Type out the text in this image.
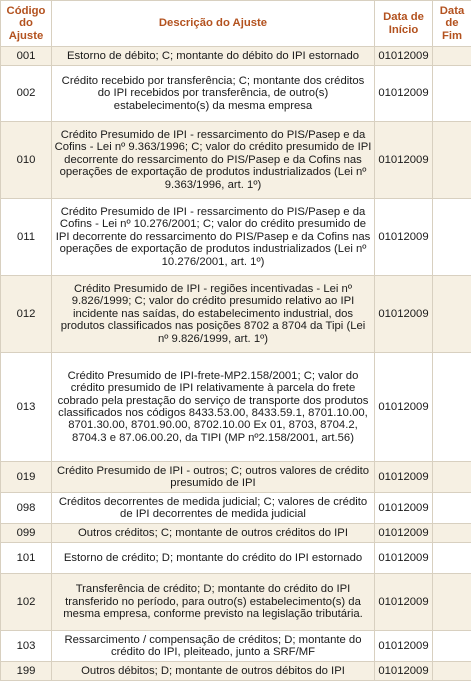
Código do Ajuste	Descrição do Ajuste	Data de Início	Data de Fim
001	Estorno de débito; C; montante do débito do IPI estornado	01012009	
002	Crédito recebido por transferência; C; montante dos créditos do IPI recebidos por transferência, de outro(s) estabelecimento(s) da mesma empresa	01012009	
010	Crédito Presumido de IPI - ressarcimento do PIS/Pasep e da Cofins - Lei nº 9.363/1996; C; valor do crédito presumido de IPI decorrente do ressarcimento do PIS/Pasep e da Cofins nas operações de exportação de produtos industrializados (Lei nº 9.363/1996, art. 1º)	01012009	
011	Crédito Presumido de IPI - ressarcimento do PIS/Pasep e da Cofins - Lei nº 10.276/2001; C; valor do crédito presumido de IPI decorrente do ressarcimento do PIS/Pasep e da Cofins nas operações de exportação de produtos industrializados (Lei nº 10.276/2001, art. 1º)	01012009	
012	Crédito Presumido de IPI - regiões incentivadas - Lei nº 9.826/1999; C; valor do crédito presumido relativo ao IPI incidente nas saídas, do estabelecimento industrial, dos produtos classificados nas posições 8702 a 8704 da Tipi (Lei nº 9.826/1999, art. 1º)	01012009	
013	Crédito Presumido de IPI-frete-MP2.158/2001; C; valor do crédito presumido de IPI relativamente à parcela do frete cobrado pela prestação do serviço de transporte dos produtos classificados nos códigos 8433.53.00, 8433.59.1, 8701.10.00, 8701.30.00, 8701.90.00, 8702.10.00 Ex 01, 8703, 8704.2, 8704.3 e 87.06.00.20, da TIPI (MP nº2.158/2001, art.56)	01012009	
019	Crédito Presumido de IPI - outros; C; outros valores de crédito presumido de IPI	01012009	
098	Créditos decorrentes de medida judicial; C; valores de crédito de IPI decorrentes de medida judicial	01012009	
099	Outros créditos; C; montante de outros créditos do IPI	01012009	
101	Estorno de crédito; D; montante do crédito do IPI estornado	01012009	
102	Transferência de crédito; D; montante do crédito do IPI transferido no período, para outro(s) estabelecimento(s) da mesma empresa, conforme previsto na legislação tributária.	01012009	
103	Ressarcimento / compensação de créditos; D; montante do crédito do IPI, pleiteado, junto a SRF/MF	01012009	
199	Outros débitos; D; montante de outros débitos do IPI	01012009	
